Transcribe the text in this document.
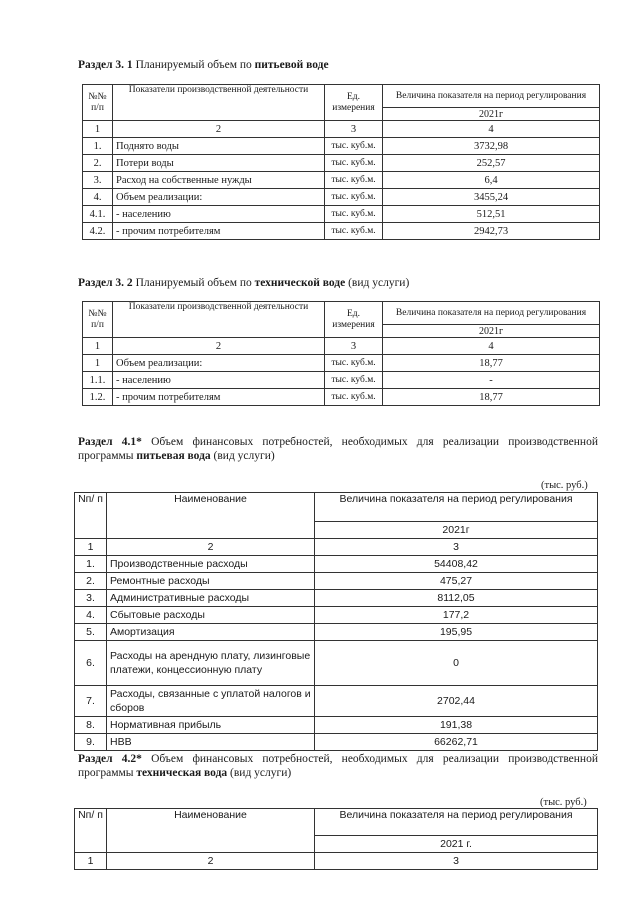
Раздел 3. 1 Планируемый объем по питьевой воде
№№ п/п	Показатели производственной деятельности	Ед. измерения	Величина показателя на период регулирования
			2021г
1	2	3	4
1.	Поднято воды	тыс. куб.м.	3732,98
2.	Потери воды	тыс. куб.м.	252,57
3.	Расход на собственные нужды	тыс. куб.м.	6,4
4.	Объем реализации:	тыс. куб.м.	3455,24
4.1.	- населению	тыс. куб.м.	512,51
4.2.	- прочим потребителям	тыс. куб.м.	2942,73
Раздел 3. 2 Планируемый объем по технической воде (вид услуги)
№№ п/п	Показатели производственной деятельности	Ед. измерения	Величина показателя на период регулирования
			2021г
1	2	3	4
1	Объем реализации:	тыс. куб.м.	18,77
1.1.	- населению	тыс. куб.м.	-
1.2.	- прочим потребителям	тыс. куб.м.	18,77
Раздел 4.1* Объем финансовых потребностей, необходимых для реализации производственной программы питьевая вода (вид услуги)
(тыс. руб.)
Nп/ п	Наименование	Величина показателя на период регулирования
		2021г
1	2	3
1.	Производственные расходы	54408,42
2.	Ремонтные расходы	475,27
3.	Административные расходы	8112,05
4.	Сбытовые расходы	177,2
5.	Амортизация	195,95
6.	Расходы на арендную плату, лизинговые платежи, концессионную плату	0
7.	Расходы, связанные с уплатой налогов и сборов	2702,44
8.	Нормативная прибыль	191,38
9.	НВВ	66262,71
Раздел 4.2* Объем финансовых потребностей, необходимых для реализации производственной программы техническая вода (вид услуги)
(тыс. руб.)
Nп/ п	Наименование	Величина показателя на период регулирования
		2021 г.
1	2	3
